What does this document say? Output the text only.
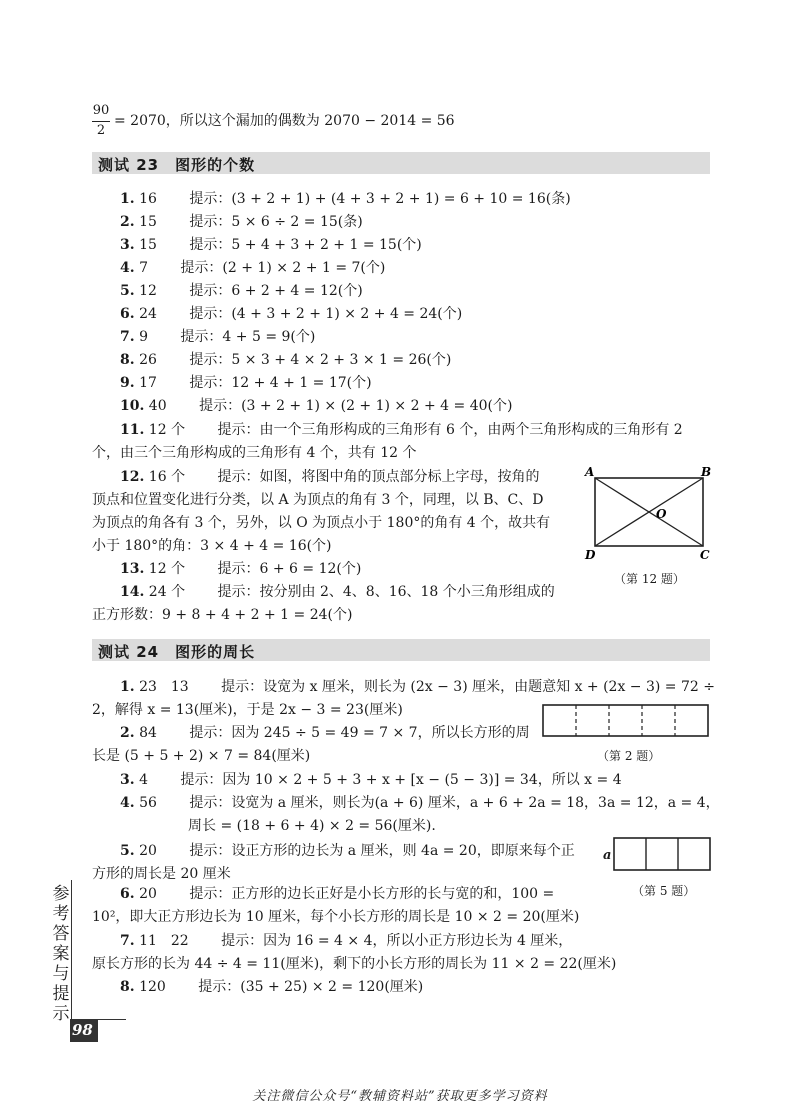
90
2
= 2070，所以这个漏加的偶数为 2070 − 2014 = 56
测试 23　图形的个数
1. 16　　 提示：(3 + 2 + 1) + (4 + 3 + 2 + 1) = 6 + 10 = 16(条)
2. 15　　 提示：5 × 6 ÷ 2 = 15(条)
3. 15　　 提示：5 + 4 + 3 + 2 + 1 = 15(个)
4. 7　　 提示：(2 + 1) × 2 + 1 = 7(个)
5. 12　　 提示：6 + 2 + 4 = 12(个)
6. 24　　 提示：(4 + 3 + 2 + 1) × 2 + 4 = 24(个)
7. 9　　 提示：4 + 5 = 9(个)
8. 26　　 提示：5 × 3 + 4 × 2 + 3 × 1 = 26(个)
9. 17　　 提示：12 + 4 + 1 = 17(个)
10. 40　　 提示：(3 + 2 + 1) × (2 + 1) × 2 + 4 = 40(个)
11. 12 个　　 提示：由一个三角形构成的三角形有 6 个，由两个三角形构成的三角形有 2
个，由三个三角形构成的三角形有 4 个，共有 12 个
12. 16 个　　 提示：如图，将图中角的顶点部分标上字母，按角的
顶点和位置变化进行分类，以 A 为顶点的角有 3 个，同理，以 B、C、D
为顶点的角各有 3 个，另外，以 O 为顶点小于 180°的角有 4 个，故共有
小于 180°的角：3 × 4 + 4 = 16(个)
13. 12 个　　 提示：6 + 6 = 12(个)
14. 24 个　　 提示：按分别由 2、4、8、16、18 个小三角形组成的
正方形数：9 + 8 + 4 + 2 + 1 = 24(个)
A	B
C
D
O
（第 12 题）
测试 24　图形的周长
1. 23　13　　 提示：设宽为 x 厘米，则长为 (2x − 3) 厘米，由题意知 x + (2x − 3) = 72 ÷
2，解得 x = 13(厘米)，于是 2x − 3 = 23(厘米)
2. 84　　 提示：因为 245 ÷ 5 = 49 = 7 × 7，所以长方形的周
长是 (5 + 5 + 2) × 7 = 84(厘米)	（第 2 题）
3. 4　　 提示：因为 10 × 2 + 5 + 3 + x + [x − (5 − 3)] = 34，所以 x = 4
4. 56　　 提示：设宽为 a 厘米，则长为(a + 6) 厘米，a + 6 + 2a = 18，3a = 12，a = 4，
周长 = (18 + 6 + 4) × 2 = 56(厘米).
5. 20　　 提示：设正方形的边长为 a 厘米，则 4a = 20，即原来每个正
方形的周长是 20 厘米
a
（第 5 题）
6. 20　　 提示：正方形的边长正好是小长方形的长与宽的和，100 =
10²，即大正方形边长为 10 厘米，每个小长方形的周长是 10 × 2 = 20(厘米)
7. 11　22　　 提示：因为 16 = 4 × 4，所以小正方形边长为 4 厘米，
原长方形的长为 44 ÷ 4 = 11(厘米)，剩下的小长方形的周长为 11 × 2 = 22(厘米)
8. 120　　 提示：(35 + 25) × 2 = 120(厘米)
参考答案与提示
98
关注微信公众号“教辅资料站”获取更多学习资料
